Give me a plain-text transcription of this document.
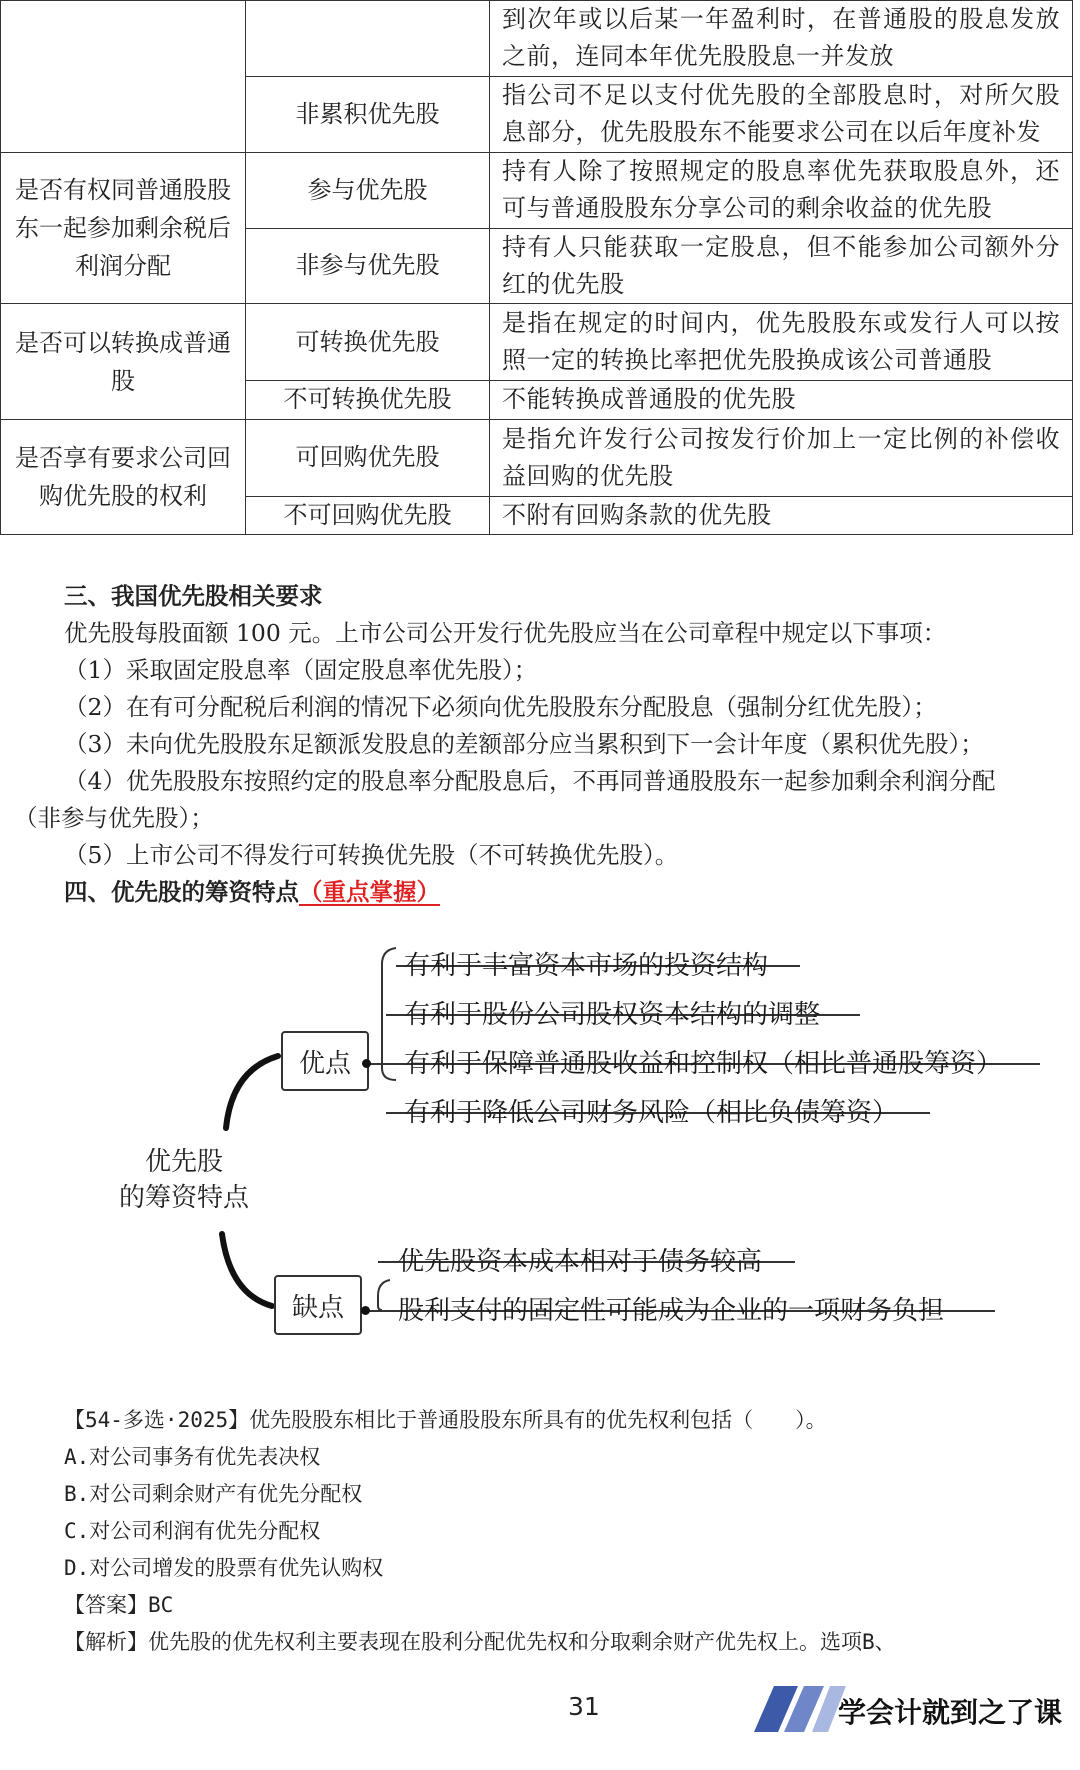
		到次年或以后某一年盈利时，在普通股的股息发放之前，连同本年优先股股息一并发放
	非累积优先股	指公司不足以支付优先股的全部股息时，对所欠股息部分，优先股股东不能要求公司在以后年度补发
是否有权同普通股股东一起参加剩余税后利润分配	参与优先股	持有人除了按照规定的股息率优先获取股息外，还可与普通股股东分享公司的剩余收益的优先股
	非参与优先股	持有人只能获取一定股息，但不能参加公司额外分红的优先股
是否可以转换成普通股	可转换优先股	是指在规定的时间内，优先股股东或发行人可以按照一定的转换比率把优先股换成该公司普通股
	不可转换优先股	不能转换成普通股的优先股
是否享有要求公司回购优先股的权利	可回购优先股	是指允许发行公司按发行价加上一定比例的补偿收益回购的优先股
	不可回购优先股	不附有回购条款的优先股
三、我国优先股相关要求
优先股每股面额 100 元。上市公司公开发行优先股应当在公司章程中规定以下事项：
（1）采取固定股息率（固定股息率优先股）；
（2）在有可分配税后利润的情况下必须向优先股股东分配股息（强制分红优先股）；
（3）未向优先股股东足额派发股息的差额部分应当累积到下一会计年度（累积优先股）；
（4）优先股股东按照约定的股息率分配股息后，不再同普通股股东一起参加剩余利润分配
（非参与优先股）；
（5）上市公司不得发行可转换优先股（不可转换优先股）。
四、优先股的筹资特点（重点掌握）
优点
缺点
优先股
的筹资特点
有利于丰富资本市场的投资结构
有利于股份公司股权资本结构的调整
有利于保障普通股收益和控制权（相比普通股筹资）
有利于降低公司财务风险（相比负债筹资）
优先股资本成本相对于债务较高
股利支付的固定性可能成为企业的一项财务负担
【54-多选·2025】优先股股东相比于普通股股东所具有的优先权利包括（　　）。
A.对公司事务有优先表决权
B.对公司剩余财产有优先分配权
C.对公司利润有优先分配权
D.对公司增发的股票有优先认购权
【答案】BC
【解析】优先股的优先权利主要表现在股利分配优先权和分取剩余财产优先权上。选项B、
31	学会计就到之了课
